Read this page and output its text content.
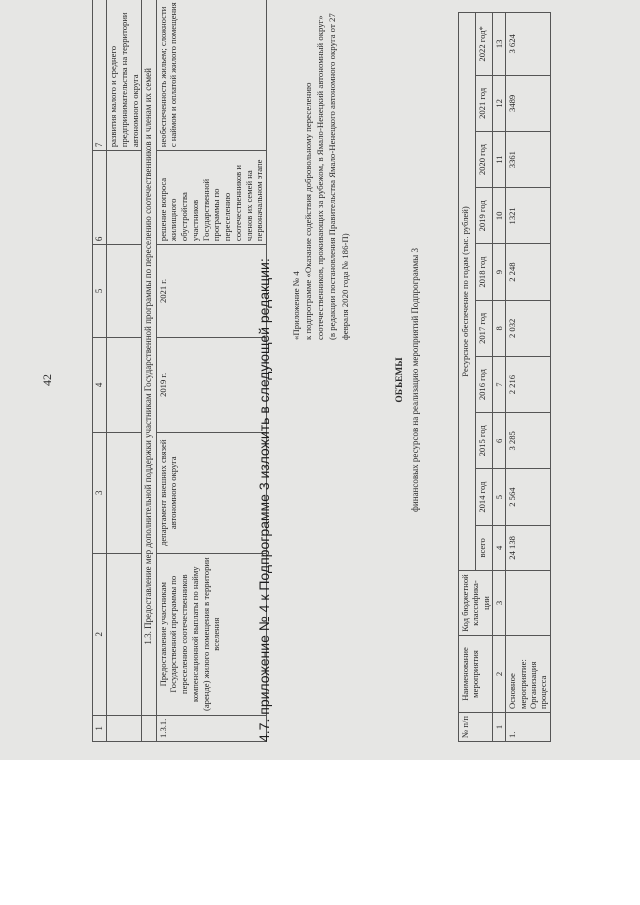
42
1	2	3	4	5	6	7
						развития малого и среднего предпринимательства на территории автономного округа
	1.3. Предоставление мер дополнительной поддержки участникам Государственной программы по переселению соотечественников и членам их семей					
1.3.1.	Предоставление участникам Государственной программы по переселению соотечественников компенсационной выплаты по найму (аренде) жилого помещения в территории вселения	департамент внешних связей автономного округа	2019 г.	2021 г.	решение вопроса жилищного обустройства участников Государственной программы по переселению соотечественников и членов их семей на первоначальном этапе	необеспеченность жильем; сложности с наймом и оплатой жилого помещения
4.7. приложение № 4 к Подпрограмме 3 изложить в следующей редакции: «Приложение № 4 к подпрограмме «Оказание содействия добровольному переселению соотечественников, проживающих за рубежом, в Ямало-Ненецкий автономный округ» (в редакции постановления Правительства Ямало-Ненецкого автономного округа от 27 февраля 2020 года № 186-П)
ОБЪЕМЫ финансовых ресурсов на реализацию мероприятий Подпрограммы 3
№ п/п	Наименование мероприятия	Код бюджетной классифика-ции	Ресурсное обеспечение по годам (тыс. рублей)									
			всего	2014 год	2015 год	2016 год	2017 год	2018 год	2019 год	2020 год	2021 год	2022 год*
1	2	3	4	5	6	7	8	9	10	11	12	13
1.	Основное мероприятие: Организация процесса		24 138	2 564	3 285	2 216	2 032	2 248	1321	3361	3489	3 624
